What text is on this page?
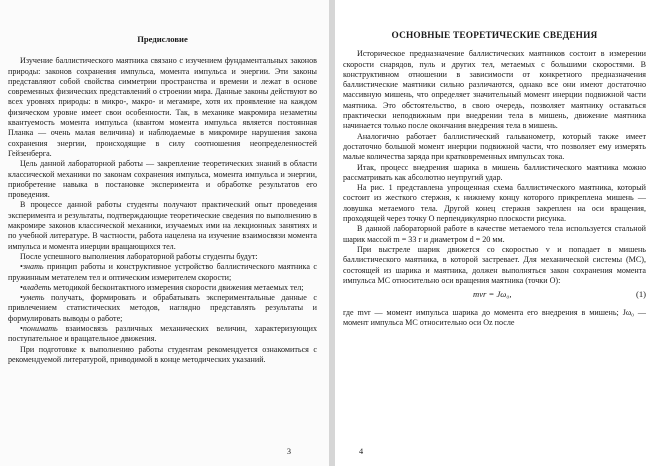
Предисловие

Изучение баллистического маятника связано с изучением фундаментальных законов природы: законов сохранения импульса, момента импульса и энергии. Эти законы представляют собой свойства симметрии пространства и времени и лежат в основе современных физических представлений о строении мира. Данные законы действуют во всех уровнях природы: в микро-, макро- и мегамире, хотя их проявление на каждом физическом уровне имеет свои особенности. Так, в механике макромира незаметны квантуемость момента импульса (квантом момента импульса является постоянная Планка — очень малая величина) и наблюдаемые в микромире нарушения закона сохранения энергии, происходящие в силу соотношения неопределенностей Гейзенберга.

Цель данной лабораторной работы — закрепление теоретических знаний в области классической механики по законам сохранения импульса, момента импульса и энергии, приобретение навыка в постановке эксперимента и обработке результатов его проведения.

В процессе данной работы студенты получают практический опыт проведения эксперимента и результаты, подтверждающие теоретические сведения по выполнению в макромире законов классической механики, изучаемых ими на лекционных занятиях и по учебной литературе. В частности, работа нацелена на изучение взаимосвязи момента импульса и момента инерции вращающихся тел.

После успешного выполнения лабораторной работы студенты будут:

•знать принцип работы и конструктивное устройство баллистического маятника с пружинным метателем тел и оптическим измерителем скорости;

•владеть методикой бесконтактного измерения скорости движения метаемых тел;

•уметь получать, формировать и обрабатывать экспериментальные данные с привлечением статистических методов, наглядно представлять результаты и формулировать выводы о работе;

•понимать взаимосвязь различных механических величин, характеризующих поступательное и вращательное движения.

При подготовке к выполнению работы студентам рекомендуется ознакомиться с рекомендуемой литературой, приводимой в конце методических указаний.

3
ОСНОВНЫЕ ТЕОРЕТИЧЕСКИЕ СВЕДЕНИЯ

Историческое предназначение баллистических маятников состоит в измерении скорости снарядов, пуль и других тел, метаемых с большими скоростями. В конструктивном отношении в зависимости от конкретного предназначения баллистические маятники сильно различаются, однако все они имеют достаточно массивную мишень, что определяет значительный момент инерции подвижной части маятника. Это обстоятельство, в свою очередь, позволяет маятнику оставаться практически неподвижным при внедрении тела в мишень, движение маятника начинается только после окончания внедрения тела в мишень.

Аналогично работает баллистический гальванометр, который также имеет достаточно большой момент инерции подвижной части, что позволяет ему измерять малые количества заряда при кратковременных импульсах тока.

Итак, процесс внедрения шарика в мишень баллистического маятника можно рассматривать как абсолютно неупругий удар.

На рис. 1 представлена упрощенная схема баллистического маятника, который состоит из жесткого стержня, к нижнему концу которого прикреплена мишень — ловушка метаемого тела. Другой конец стержня закреплен на оси вращения, проходящей через точку O перпендикулярно плоскости рисунка.

В данной лабораторной работе в качестве метаемого тела используется стальной шарик массой m = 33 г и диаметром d = 20 мм.

При выстреле шарик движется со скоростью v и попадает в мишень баллистического маятника, в которой застревает. Для механической системы (МС), состоящей из шарика и маятника, должен выполняться закон сохранения момента импульса МС относительно оси вращения маятника (точки O):

mvr = Jω₀,	(1)

где mvr — момент импульса шарика до момента его внедрения в мишень; Jω₀ — момент импульса МС относительно оси Oz после

4
